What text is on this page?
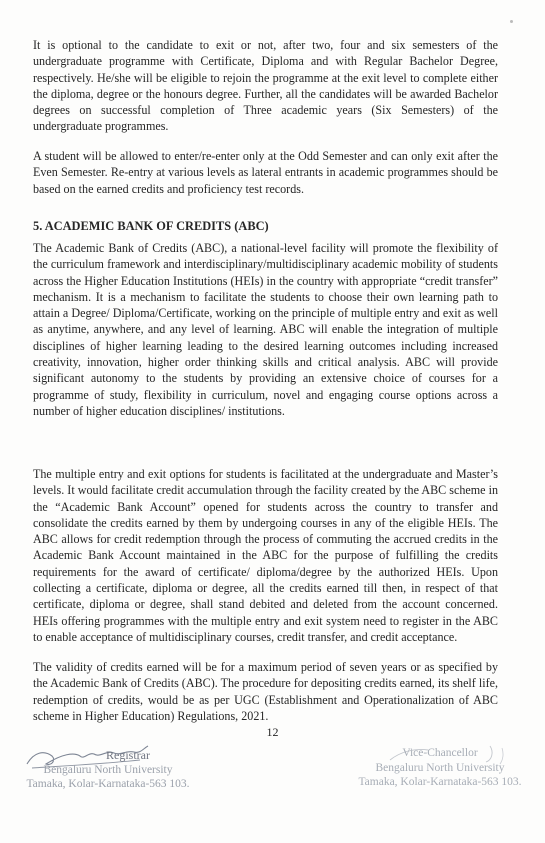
It is optional to the candidate to exit or not, after two, four and six semesters of the undergraduate programme with Certificate, Diploma and with Regular Bachelor Degree, respectively. He/she will be eligible to rejoin the programme at the exit level to complete either the diploma, degree or the honours degree. Further, all the candidates will be awarded Bachelor degrees on successful completion of Three academic years (Six Semesters) of the undergraduate programmes.

A student will be allowed to enter/re-enter only at the Odd Semester and can only exit after the Even Semester. Re-entry at various levels as lateral entrants in academic programmes should be based on the earned credits and proficiency test records.

5. ACADEMIC BANK OF CREDITS (ABC)

The Academic Bank of Credits (ABC), a national-level facility will promote the flexibility of the curriculum framework and interdisciplinary/multidisciplinary academic mobility of students across the Higher Education Institutions (HEIs) in the country with appropriate “credit transfer” mechanism. It is a mechanism to facilitate the students to choose their own learning path to attain a Degree/ Diploma/Certificate, working on the principle of multiple entry and exit as well as anytime, anywhere, and any level of learning. ABC will enable the integration of multiple disciplines of higher learning leading to the desired learning outcomes including increased creativity, innovation, higher order thinking skills and critical analysis. ABC will provide significant autonomy to the students by providing an extensive choice of courses for a programme of study, flexibility in curriculum, novel and engaging course options across a number of higher education disciplines/ institutions.

The multiple entry and exit options for students is facilitated at the undergraduate and Master’s levels. It would facilitate credit accumulation through the facility created by the ABC scheme in the “Academic Bank Account” opened for students across the country to transfer and consolidate the credits earned by them by undergoing courses in any of the eligible HEIs. The ABC allows for credit redemption through the process of commuting the accrued credits in the Academic Bank Account maintained in the ABC for the purpose of fulfilling the credits requirements for the award of certificate/ diploma/degree by the authorized HEIs. Upon collecting a certificate, diploma or degree, all the credits earned till then, in respect of that certificate, diploma or degree, shall stand debited and deleted from the account concerned. HEIs offering programmes with the multiple entry and exit system need to register in the ABC to enable acceptance of multidisciplinary courses, credit transfer, and credit acceptance.

The validity of credits earned will be for a maximum period of seven years or as specified by the Academic Bank of Credits (ABC). The procedure for depositing credits earned, its shelf life, redemption of credits, would be as per UGC (Establishment and Operationalization of ABC scheme in Higher Education) Regulations, 2021.

12
Registrar
Bengaluru North University
Tamaka, Kolar-Karnataka-563 103.
Vice-Chancellor
Bengaluru North University
Tamaka, Kolar-Karnataka-563 103.
